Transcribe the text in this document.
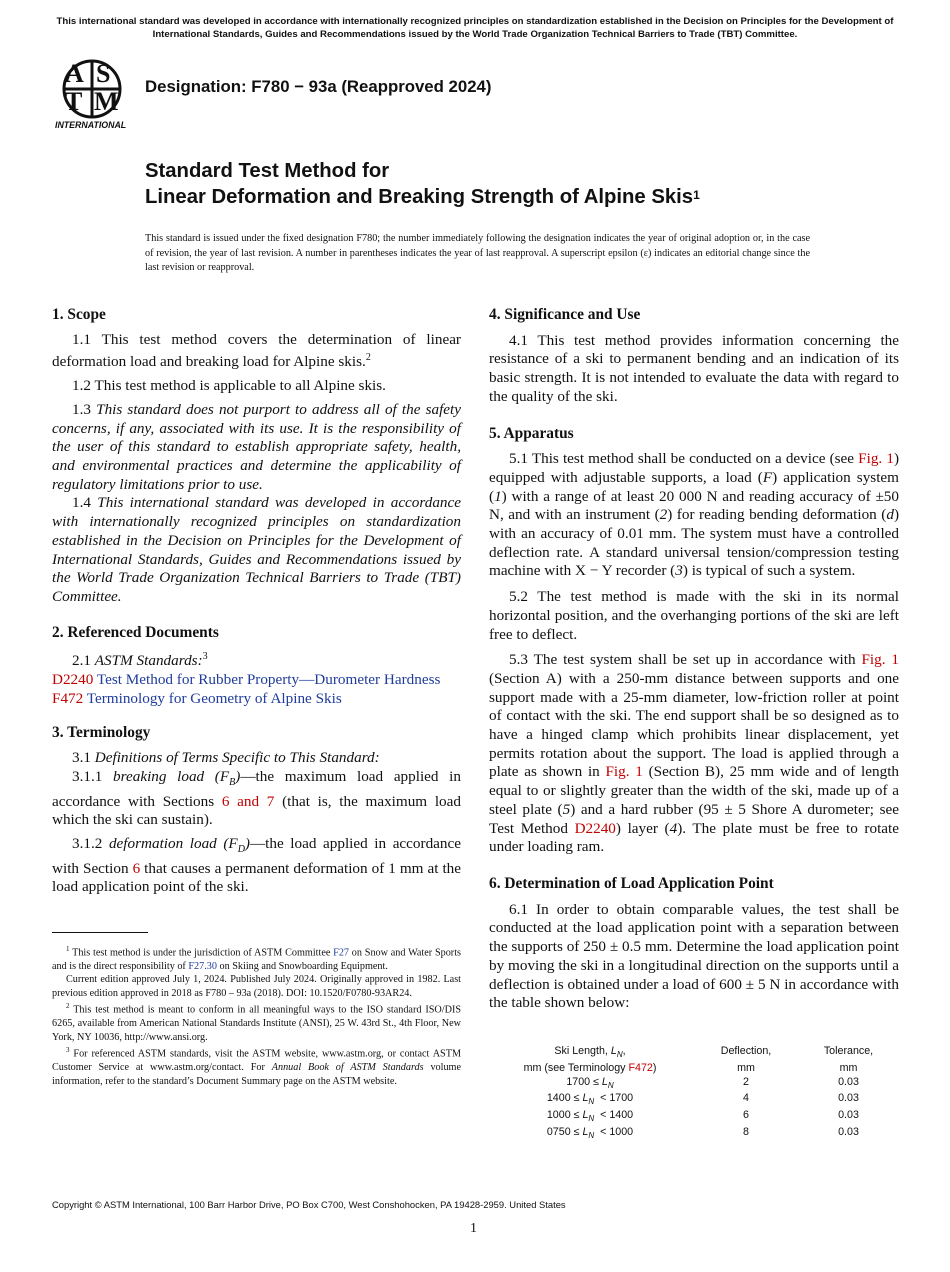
This international standard was developed in accordance with internationally recognized principles on standardization established in the Decision on Principles for the Development of International Standards, Guides and Recommendations issued by the World Trade Organization Technical Barriers to Trade (TBT) Committee.
A S
T M
INTERNATIONAL
Designation: F780 − 93a (Reapproved 2024)
Standard Test Method for
Linear Deformation and Breaking Strength of Alpine Skis$^1$
This standard is issued under the fixed designation F780; the number immediately following the designation indicates the year of original adoption or, in the case of revision, the year of last revision. A number in parentheses indicates the year of last reapproval. A superscript epsilon (ε) indicates an editorial change since the last revision or reapproval.
1. Scope

1.1 This test method covers the determination of linear deformation load and breaking load for Alpine skis.$^2$

1.2 This test method is applicable to all Alpine skis.

1.3 This standard does not purport to address all of the safety concerns, if any, associated with its use. It is the responsibility of the user of this standard to establish appropriate safety, health, and environmental practices and determine the applicability of regulatory limitations prior to use.

1.4 This international standard was developed in accordance with internationally recognized principles on standardization established in the Decision on Principles for the Development of International Standards, Guides and Recommendations issued by the World Trade Organization Technical Barriers to Trade (TBT) Committee.

2. Referenced Documents

2.1 ASTM Standards:$^3$

D2240 Test Method for Rubber Property—Durometer Hardness
F472 Terminology for Geometry of Alpine Skis
3. Terminology

3.1 Definitions of Terms Specific to This Standard:

3.1.1 breaking load $(F_B)—the$ maximum load applied in accordance with Sections 6 and 7 (that is, the maximum load which the ski can sustain).

3.1.2 deformation load $(F_D)—the$ load applied in accordance with Section 6 that causes a permanent deformation of 1 mm at the load application point of the ski.

$^1$ This test method is under the jurisdiction of ASTM Committee F27 on Snow and Water Sports and is the direct responsibility of F27.30 on Skiing and Snowboarding Equipment.

Current edition approved July 1, 2024. Published July 2024. Originally approved in 1982. Last previous edition approved in 2018 as F780 – 93a (2018). DOI: 10.1520/F0780-93AR24.

$^2$ This test method is meant to conform in all meaningful ways to the ISO standard ISO/DIS 6265, available from American National Standards Institute (ANSI), 25 W. 43rd St., 4th Floor, New York, NY 10036, http://www.ansi.org.

$^3$ For referenced ASTM standards, visit the ASTM website, www.astm.org, or contact ASTM Customer Service at www.astm.org/contact. For Annual Book of ASTM Standards volume information, refer to the standard’s Document Summary page on the ASTM website.

4. Significance and Use

4.1 This test method provides information concerning the resistance of a ski to permanent bending and an indication of its basic strength. It is not intended to evaluate the data with regard to the quality of the ski.

5. Apparatus

5.1 This test method shall be conducted on a device (see Fig. 1) equipped with adjustable supports, a load (F) application system (1) with a range of at least 20 000 N and reading accuracy of ±50 N, and with an instrument (2) for reading bending deformation (d) with an accuracy of 0.01 mm. The system must have a controlled deflection rate. A standard universal tension/compression testing machine with X − Y recorder (3) is typical of such a system.

5.2 The test method is made with the ski in its normal horizontal position, and the overhanging portions of the ski are left free to deflect.

5.3 The test system shall be set up in accordance with Fig. 1 (Section A) with a 250-mm distance between supports and one support made with a 25-mm diameter, low-friction roller at point of contact with the ski. The end support shall be so designed as to have a hinged clamp which prohibits linear displacement, yet permits rotation about the support. The load is applied through a plate as shown in Fig. 1 (Section B), 25 mm wide and of length equal to or slightly greater than the width of the ski, made up of a steel plate (5) and a hard rubber (95 ± 5 Shore A durometer; see Test Method D2240) layer (4). The plate must be free to rotate under loading ram.

6. Determination of Load Application Point

6.1 In order to obtain comparable values, the test shall be conducted at the load application point with a separation between the supports of 250 ± 0.5 mm. Determine the load application point by moving the ski in a longitudinal direction on the supports until a deflection is obtained under a load of 600 ± 5 N in accordance with the table shown below:

Ski Length, $L_N$,	Deflection,	Tolerance,
mm (see Terminology F472)	mm	mm
$1700 \le L_N$	2	0.03
$1400 \le L_N < 1700$	4	0.03
$1000 \le L_N < 1400$	6	0.03
$0750 \le L_N < 1000$	8	0.03
Copyright © ASTM International, 100 Barr Harbor Drive, PO Box C700, West Conshohocken, PA 19428-2959. United States
1
